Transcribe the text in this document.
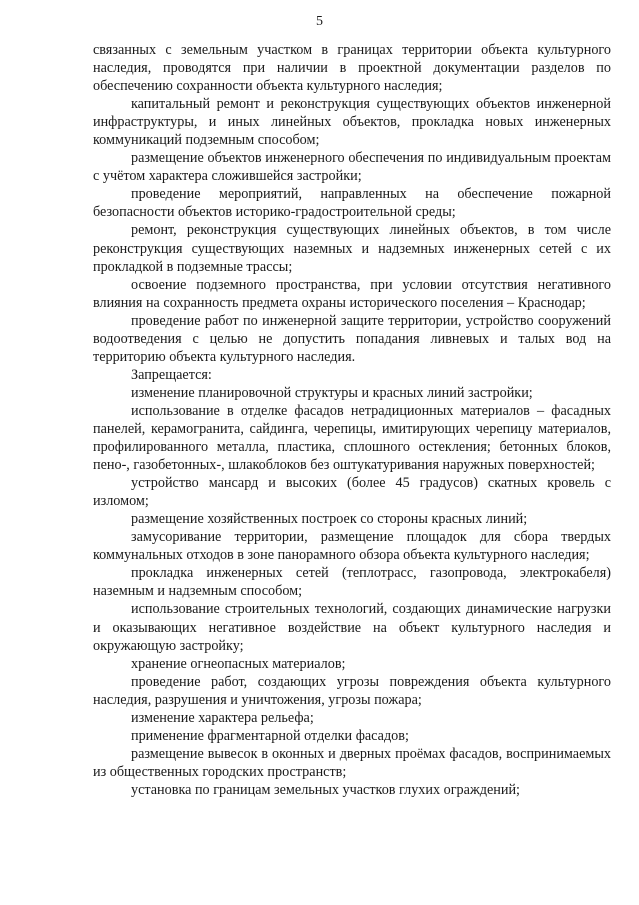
5

связанных с земельным участком в границах территории объекта культурного наследия, проводятся при наличии в проектной документации разделов по обеспечению сохранности объекта культурного наследия;

капитальный ремонт и реконструкция существующих объектов инженерной инфраструктуры, и иных линейных объектов, прокладка новых инженерных коммуникаций подземным способом;

размещение объектов инженерного обеспечения по индивидуальным проектам с учётом характера сложившейся застройки;

проведение мероприятий, направленных на обеспечение пожарной безопасности объектов историко-градостроительной среды;

ремонт, реконструкция существующих линейных объектов, в том числе реконструкция существующих наземных и надземных инженерных сетей с их прокладкой в подземные трассы;

освоение подземного пространства, при условии отсутствия негативного влияния на сохранность предмета охраны исторического поселения – Краснодар;

проведение работ по инженерной защите территории, устройство сооружений водоотведения с целью не допустить попадания ливневых и талых вод на территорию объекта культурного наследия.

Запрещается:

изменение планировочной структуры и красных линий застройки;

использование в отделке фасадов нетрадиционных материалов – фасадных панелей, керамогранита, сайдинга, черепицы, имитирующих черепицу материалов, профилированного металла, пластика, сплошного остекления; бетонных блоков, пено-, газобетонных-, шлакоблоков без оштукатуривания наружных поверхностей;

устройство мансард и высоких (более 45 градусов) скатных кровель с изломом;

размещение хозяйственных построек со стороны красных линий;

замусоривание территории, размещение площадок для сбора твердых коммунальных отходов в зоне панорамного обзора объекта культурного наследия;

прокладка инженерных сетей (теплотрасс, газопровода, электрокабеля) наземным и надземным способом;

использование строительных технологий, создающих динамические нагрузки и оказывающих негативное воздействие на объект культурного наследия и окружающую застройку;

хранение огнеопасных материалов;

проведение работ, создающих угрозы повреждения объекта культурного наследия, разрушения и уничтожения, угрозы пожара;

изменение характера рельефа;

применение фрагментарной отделки фасадов;

размещение вывесок в оконных и дверных проёмах фасадов, воспринимаемых из общественных городских пространств;

установка по границам земельных участков глухих ограждений;
